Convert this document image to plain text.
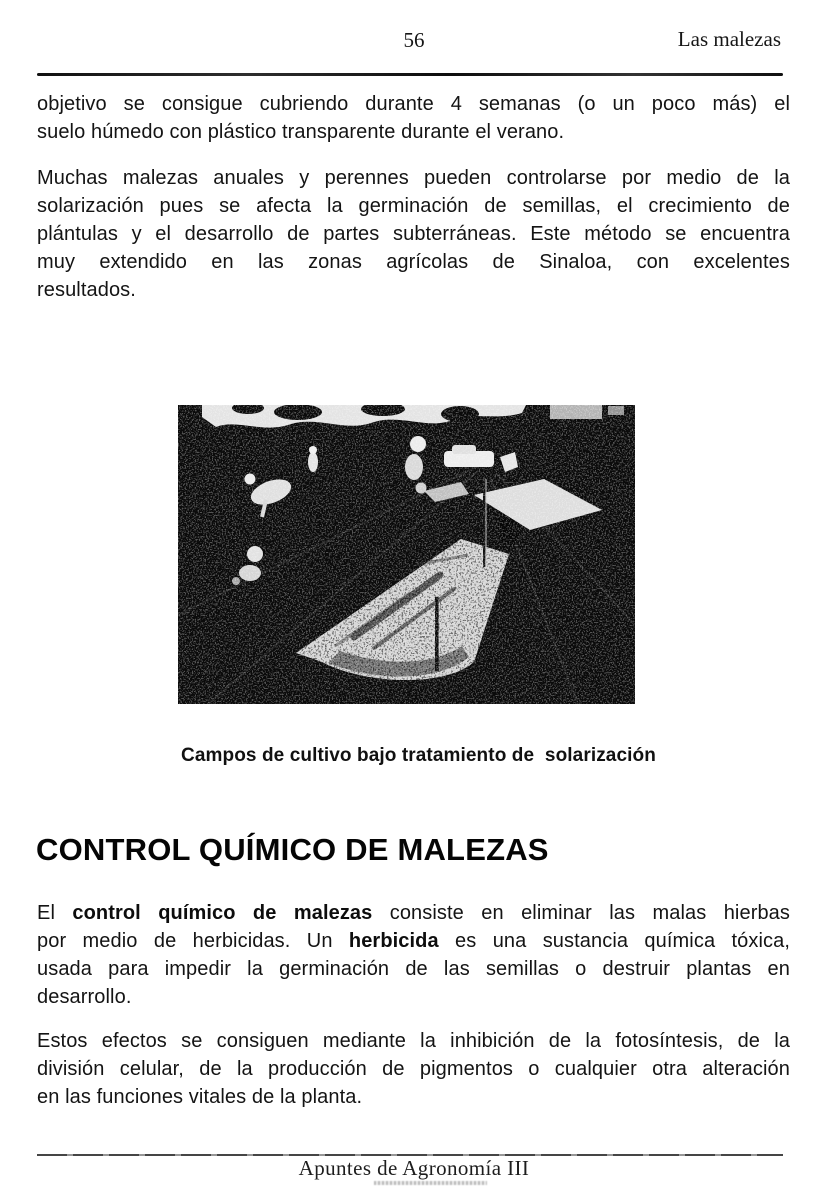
56	Las malezas
objetivo se consigue cubriendo durante 4 semanas (o un poco más) el
suelo húmedo con plástico transparente durante el verano.
Muchas malezas anuales y perennes pueden controlarse por medio de la
solarización pues se afecta la germinación de semillas, el crecimiento de
plántulas y el desarrollo de partes subterráneas. Este método se encuentra
muy extendido en las zonas agrícolas de Sinaloa, con excelentes
resultados.
Campos de cultivo bajo tratamiento de  solarización
CONTROL QUÍMICO DE MALEZAS
El control químico de malezas consiste en eliminar las malas hierbas
por medio de herbicidas. Un herbicida es una sustancia química tóxica,
usada para impedir la germinación de las semillas o destruir plantas en
desarrollo.
Estos efectos se consiguen mediante la inhibición de la fotosíntesis, de la
división celular, de la producción de pigmentos o cualquier otra alteración
en las funciones vitales de la planta.
Apuntes de Agronomía III
